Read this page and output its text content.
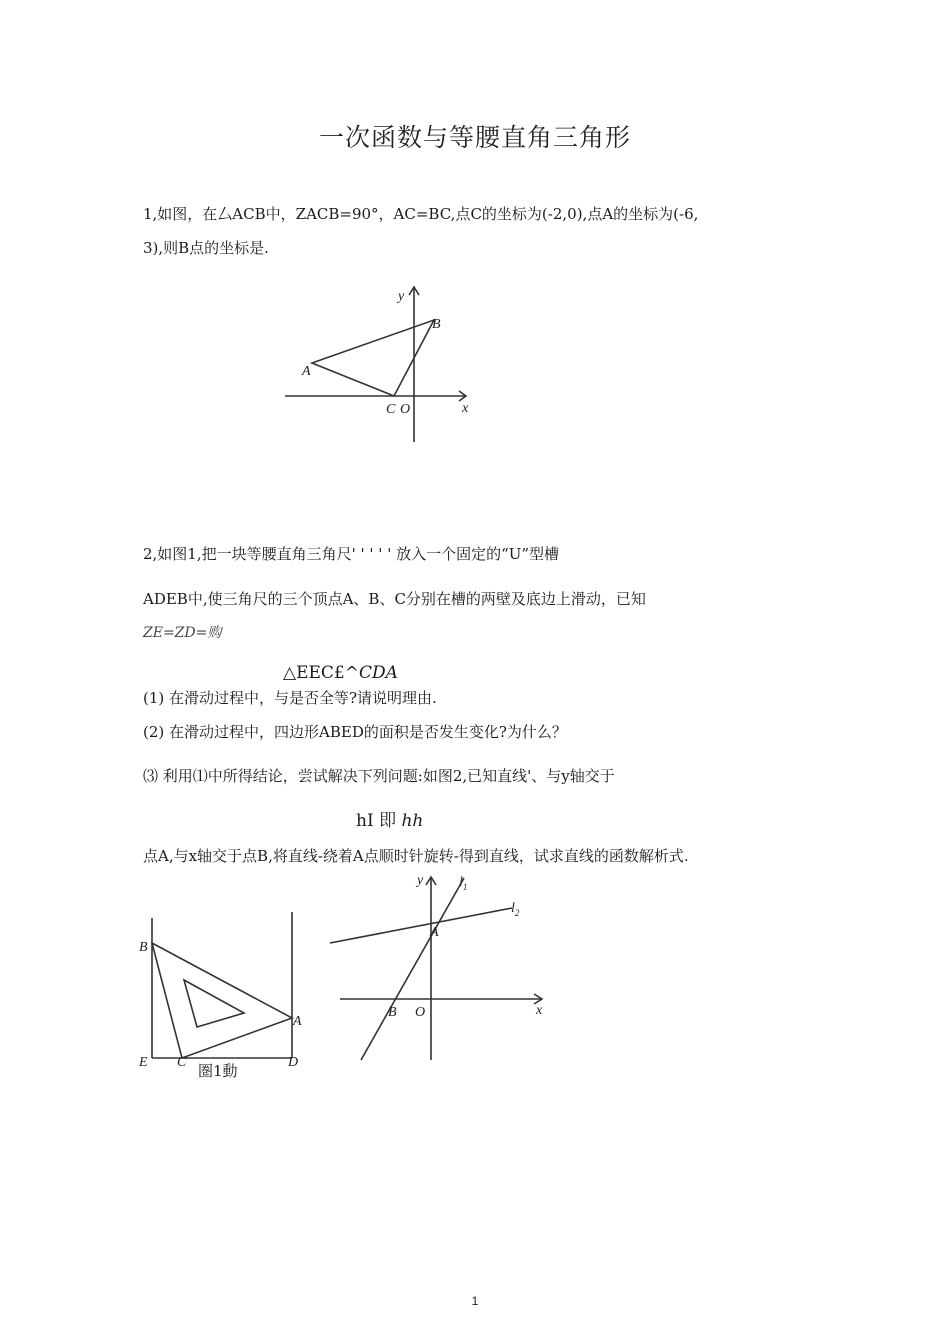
一次函数与等腰直角三角形
1,如图，在厶ACB中，ZACB=90°，AC=BC,点C的坐标为(-2,0),点A的坐标为(-6,
3),则B点的坐标是.
y
x
A
B
C O
2,如图1,把一块等腰直角三角尺' ' ' ' ' 放入一个固定的“U”型槽
ADEB中,使三角尺的三个顶点A、B、C分别在槽的两壁及底边上滑动，已知
ZE=ZD=购
△EEC£^CDA
(1) 在滑动过程中，与是否全等?请说明理由.
(2) 在滑动过程中，四边形ABED的面积是否发生变化?为什么？
⑶ 利用⑴中所得结论，尝试解决下列问题:如图2,已知直线'、与y轴交于
hI 即 hh
点A,与x轴交于点B,将直线-绕着A点顺时针旋转-得到直线，试求直线的函数解析式.
B
A
E C	D
圏1動
y
x
$l_1$
$l_2$
A
B O
1
